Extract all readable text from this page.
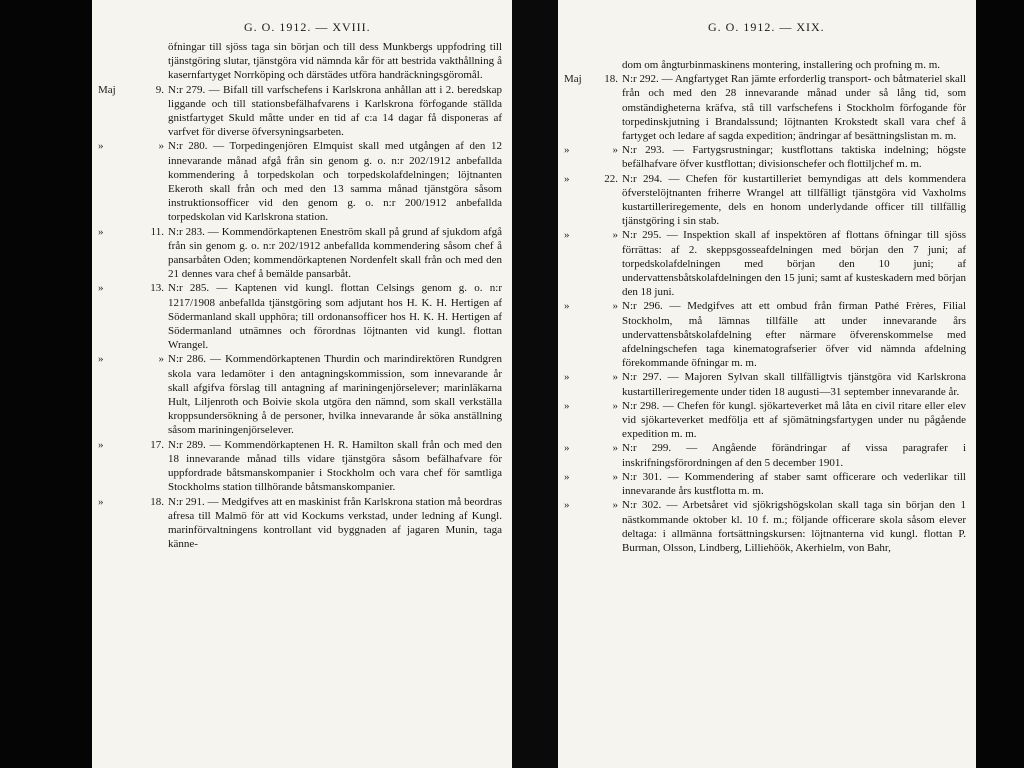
G. O. 1912. — XVIII.
öfningar till sjöss taga sin början och till dess Munkbergs uppfodring till tjänstgöring slutar, tjänstgöra vid nämnda kår för att bestrida vakthållning å kasernfartyget Norrköping och därstädes utföra handräckningsgöromål.
Maj	9. N:r 279. — Bifall till varfschefens i Karlskrona anhållan att i 2. beredskap liggande och till stationsbefälhafvarens i Karlskrona förfogande ställda gnistfartyget Skuld måtte under en tid af c:a 14 dagar få disponeras af varfvet för diverse öfversyningsarbeten.
»	» N:r 280. — Torpedingenjören Elmquist skall med utgången af den 12 innevarande månad afgå från sin genom g. o. n:r 202/1912 anbefallda kommendering å torpedskolan och torpedskolafdelningen; löjtnanten Ekeroth skall från och med den 13 samma månad tjänstgöra såsom instruktionsofficer vid den genom g. o. n:r 200/1912 anbefallda torpedskolan vid Karlskrona station.
»	11. N:r 283. — Kommendörkaptenen Eneström skall på grund af sjukdom afgå från sin genom g. o. n:r 202/1912 anbefallda kommendering såsom chef å pansarbåten Oden; kommendörkaptenen Nordenfelt skall från och med den 21 dennes vara chef å bemälde pansarbåt.
»	13. N:r 285. — Kaptenen vid kungl. flottan Celsings genom g. o. n:r 1217/1908 anbefallda tjänstgöring som adjutant hos H. K. H. Hertigen af Södermanland skall upphöra; till ordonansofficer hos H. K. H. Hertigen af Södermanland utnämnes och förordnas löjtnanten vid kungl. flottan Wrangel.
»	» N:r 286. — Kommendörkaptenen Thurdin och marindirektören Rundgren skola vara ledamöter i den antagningskommission, som innevarande år skall afgifva förslag till antagning af mariningenjörselever; marinläkarna Hult, Liljenroth och Boivie skola utgöra den nämnd, som skall verkställa kroppsundersökning å de personer, hvilka innevarande år söka anställning såsom mariningenjörselever.
»	17. N:r 289. — Kommendörkaptenen H. R. Hamilton skall från och med den 18 innevarande månad tills vidare tjänstgöra såsom befälhafvare för uppfordrade båtsmanskompanier i Stockholm och vara chef för samtliga Stockholms station tillhörande båtsmanskompanier.
»	18. N:r 291. — Medgifves att en maskinist från Karlskrona station må beordras afresa till Malmö för att vid Kockums verkstad, under ledning af Kungl. marinförvaltningens kontrollant vid byggnaden af jagaren Munin, taga känne-
G. O. 1912. — XIX.
dom om ångturbinmaskinens montering, installering och profning m. m.
Maj	18. N:r 292. — Angfartyget Ran jämte erforderlig transport- och båtmateriel skall från och med den 28 innevarande månad under så lång tid, som omständigheterna kräfva, stå till varfschefens i Stockholm förfogande för torpedinskjutning i Brandalssund; löjtnanten Krokstedt skall vara chef å fartyget och ledare af sagda expedition; ändringar af besättningslistan m. m.
»	» N:r 293. — Fartygsrustningar; kustflottans taktiska indelning; högste befälhafvare öfver kustflottan; divisionschefer och flottiljchef m. m.
»	22. N:r 294. — Chefen för kustartilleriet bemyndigas att dels kommendera öfverstelöjtnanten friherre Wrangel att tillfälligt tjänstgöra vid Vaxholms kustartilleriregemente, dels en honom underlydande officer till tillfällig tjänstgöring i sin stab.
»	» N:r 295. — Inspektion skall af inspektören af flottans öfningar till sjöss förrättas: af 2. skeppsgosseafdelningen med början den 7 juni; af torpedskolafdelningen med början den 10 juni; af undervattensbåtskolafdelningen den 15 juni; samt af kusteskadern med början den 18 juni.
»	» N:r 296. — Medgifves att ett ombud från firman Pathé Frères, Filial Stockholm, må lämnas tillfälle att under innevarande års undervattensbåtskolafdelning efter närmare öfverenskommelse med afdelningschefen taga kinematografserier öfver vid nämnda afdelning förekommande öfningar m. m.
»	» N:r 297. — Majoren Sylvan skall tillfälligtvis tjänstgöra vid Karlskrona kustartilleriregemente under tiden 18 augusti—31 september innevarande år.
»	» N:r 298. — Chefen för kungl. sjökarteverket må låta en civil ritare eller elev vid sjökarteverket medfölja ett af sjömätningsfartygen under nu pågående expedition m. m.
»	» N:r 299. — Angående förändringar af vissa paragrafer i inskrifningsförordningen af den 5 december 1901.
»	» N:r 301. — Kommendering af staber samt officerare och vederlikar till innevarande års kustflotta m. m.
»	» N:r 302. — Arbetsåret vid sjökrigshögskolan skall taga sin början den 1 nästkommande oktober kl. 10 f. m.; följande officerare skola såsom elever deltaga: i allmänna fortsättningskursen: löjtnanterna vid kungl. flottan P. Burman, Olsson, Lindberg, Lilliehöök, Akerhielm, von Bahr,
